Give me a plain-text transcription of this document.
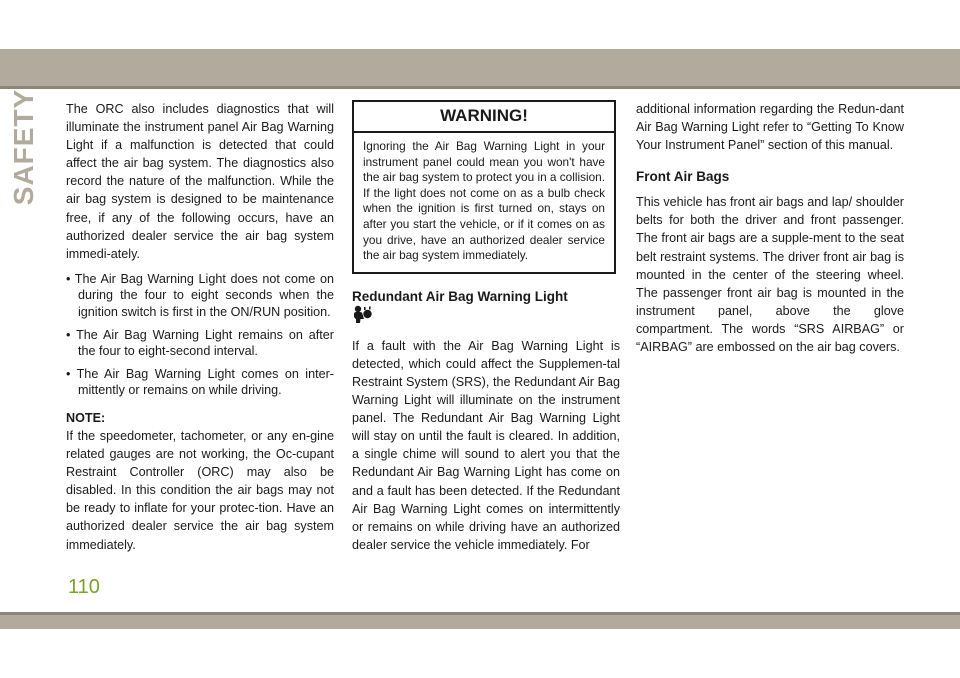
SAFETY The ORC also includes diagnostics that will illuminate the instrument panel Air Bag Warning Light if a malfunction is detected that could affect the air bag system. The diagnostics also record the nature of the malfunction. While the air bag system is designed to be maintenance free, if any of the following occurs, have an authorized dealer service the air bag system immedi-ately.

• The Air Bag Warning Light does not come on during the four to eight seconds when the ignition switch is first in the ON/RUN position.
• The Air Bag Warning Light remains on after the four to eight-second interval.
• The Air Bag Warning Light comes on inter-mittently or remains on while driving.
NOTE:

If the speedometer, tachometer, or any en-gine related gauges are not working, the Oc-cupant Restraint Controller (ORC) may also be disabled. In this condition the air bags may not be ready to inflate for your protec-tion. Have an authorized dealer service the air bag system immediately.

WARNING!
Ignoring the Air Bag Warning Light in your instrument panel could mean you won't have the air bag system to protect you in a collision. If the light does not come on as a bulb check when the ignition is first turned on, stays on after you start the vehicle, or if it comes on as you drive, have an authorized dealer service the air bag system immediately.
Redundant Air Bag Warning Light

If a fault with the Air Bag Warning Light is detected, which could affect the Supplemen-tal Restraint System (SRS), the Redundant Air Bag Warning Light will illuminate on the instrument panel. The Redundant Air Bag Warning Light will stay on until the fault is cleared. In addition, a single chime will sound to alert you that the Redundant Air Bag Warning Light has come on and a fault has been detected. If the Redundant Air Bag Warning Light comes on intermittently or remains on while driving have an authorized dealer service the vehicle immediately. For

additional information regarding the Redun-dant Air Bag Warning Light refer to “Getting To Know Your Instrument Panel” section of this manual.

Front Air Bags

This vehicle has front air bags and lap/ shoulder belts for both the driver and front passenger. The front air bags are a supple-ment to the seat belt restraint systems. The driver front air bag is mounted in the center of the steering wheel. The passenger front air bag is mounted in the instrument panel, above the glove compartment. The words “SRS AIRBAG” or “AIRBAG” are embossed on the air bag covers.

110
